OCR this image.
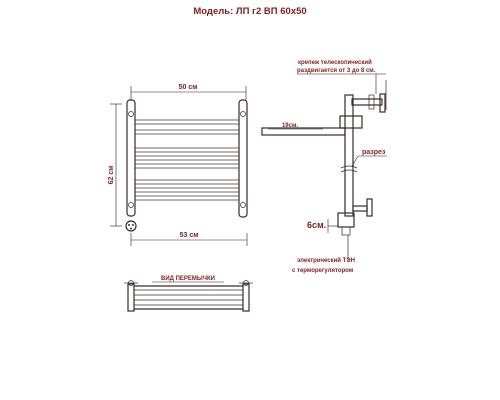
Модель: ЛП г2 ВП 60х50
50 см
62 см
53 см
крепеж телескопический
раздвигается от 3 до 8 см.
19см.
разрез
6см.
электрический ТЭН
с терморегулятором
ВИД ПЕРЕМЫЧКИ
